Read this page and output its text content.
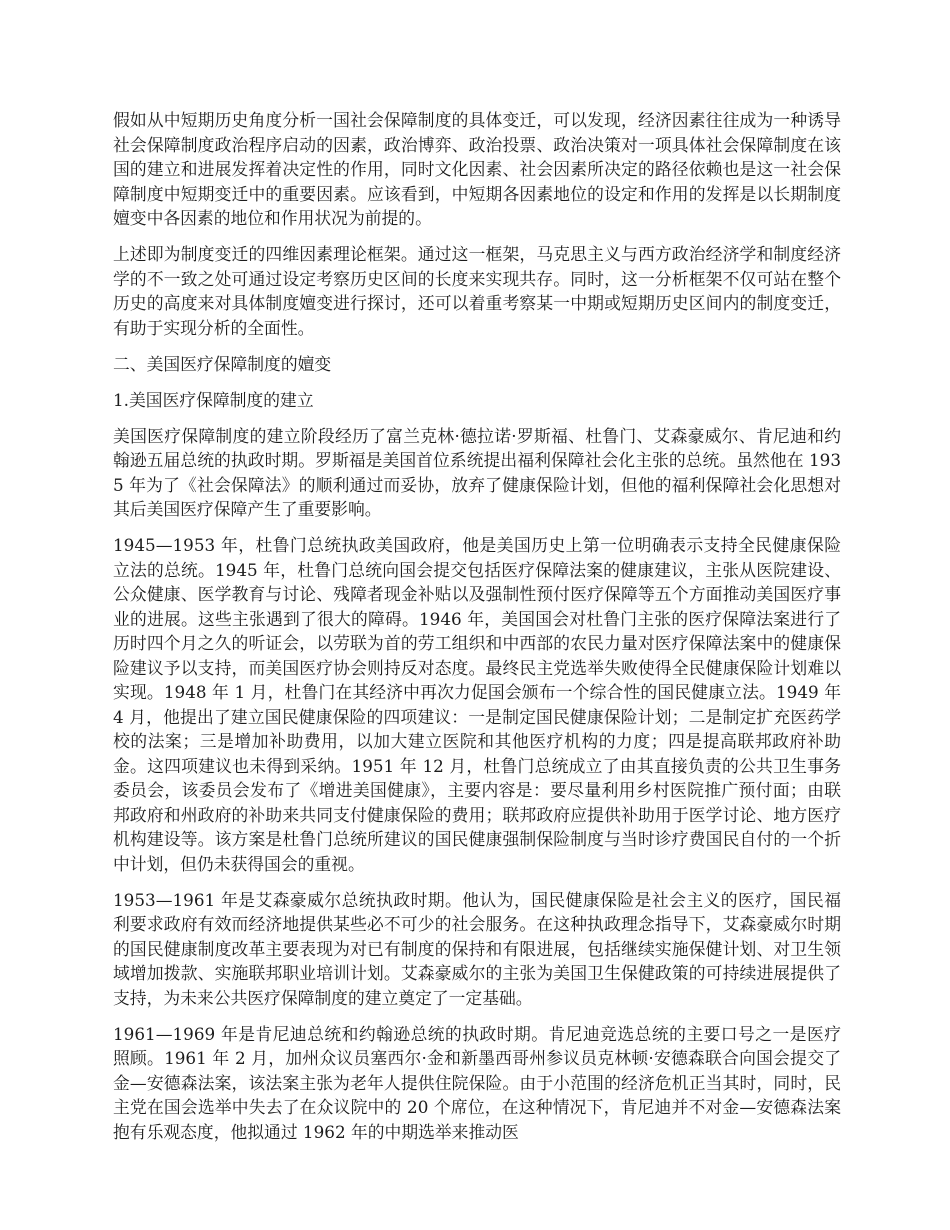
假如从中短期历史角度分析一国社会保障制度的具体变迁，可以发现，经济因素往往成为一种诱导社会保障制度政治程序启动的因素，政治博弈、政治投票、政治决策对一项具体社会保障制度在该国的建立和进展发挥着决定性的作用，同时文化因素、社会因素所决定的路径依赖也是这一社会保障制度中短期变迁中的重要因素。应该看到，中短期各因素地位的设定和作用的发挥是以长期制度嬗变中各因素的地位和作用状况为前提的。

上述即为制度变迁的四维因素理论框架。通过这一框架，马克思主义与西方政治经济学和制度经济学的不一致之处可通过设定考察历史区间的长度来实现共存。同时，这一分析框架不仅可站在整个历史的高度来对具体制度嬗变进行探讨，还可以着重考察某一中期或短期历史区间内的制度变迁，有助于实现分析的全面性。

二、美国医疗保障制度的嬗变

1.美国医疗保障制度的建立

美国医疗保障制度的建立阶段经历了富兰克林·德拉诺·罗斯福、杜鲁门、艾森豪威尔、肯尼迪和约翰逊五届总统的执政时期。罗斯福是美国首位系统提出福利保障社会化主张的总统。虽然他在 1935 年为了《社会保障法》的顺利通过而妥协，放弃了健康保险计划，但他的福利保障社会化思想对其后美国医疗保障产生了重要影响。

1945—1953 年，杜鲁门总统执政美国政府，他是美国历史上第一位明确表示支持全民健康保险立法的总统。1945 年，杜鲁门总统向国会提交包括医疗保障法案的健康建议，主张从医院建设、公众健康、医学教育与讨论、残障者现金补贴以及强制性预付医疗保障等五个方面推动美国医疗事业的进展。这些主张遇到了很大的障碍。1946 年，美国国会对杜鲁门主张的医疗保障法案进行了历时四个月之久的听证会，以劳联为首的劳工组织和中西部的农民力量对医疗保障法案中的健康保险建议予以支持，而美国医疗协会则持反对态度。最终民主党选举失败使得全民健康保险计划难以实现。1948 年 1 月，杜鲁门在其经济中再次力促国会颁布一个综合性的国民健康立法。1949 年 4 月，他提出了建立国民健康保险的四项建议：一是制定国民健康保险计划；二是制定扩充医药学校的法案；三是增加补助费用，以加大建立医院和其他医疗机构的力度；四是提高联邦政府补助金。这四项建议也未得到采纳。1951 年 12 月，杜鲁门总统成立了由其直接负责的公共卫生事务委员会，该委员会发布了《增进美国健康》，主要内容是：要尽量利用乡村医院推广预付面；由联邦政府和州政府的补助来共同支付健康保险的费用；联邦政府应提供补助用于医学讨论、地方医疗机构建设等。该方案是杜鲁门总统所建议的国民健康强制保险制度与当时诊疗费国民自付的一个折中计划，但仍未获得国会的重视。

1953—1961 年是艾森豪威尔总统执政时期。他认为，国民健康保险是社会主义的医疗，国民福利要求政府有效而经济地提供某些必不可少的社会服务。在这种执政理念指导下，艾森豪威尔时期的国民健康制度改革主要表现为对已有制度的保持和有限进展，包括继续实施保健计划、对卫生领域增加拨款、实施联邦职业培训计划。艾森豪威尔的主张为美国卫生保健政策的可持续进展提供了支持，为未来公共医疗保障制度的建立奠定了一定基础。

1961—1969 年是肯尼迪总统和约翰逊总统的执政时期。肯尼迪竞选总统的主要口号之一是医疗照顾。1961 年 2 月，加州众议员塞西尔·金和新墨西哥州参议员克林顿·安德森联合向国会提交了金—安德森法案，该法案主张为老年人提供住院保险。由于小范围的经济危机正当其时，同时，民主党在国会选举中失去了在众议院中的 20 个席位，在这种情况下，肯尼迪并不对金—安德森法案抱有乐观态度，他拟通过 1962 年的中期选举来推动医
